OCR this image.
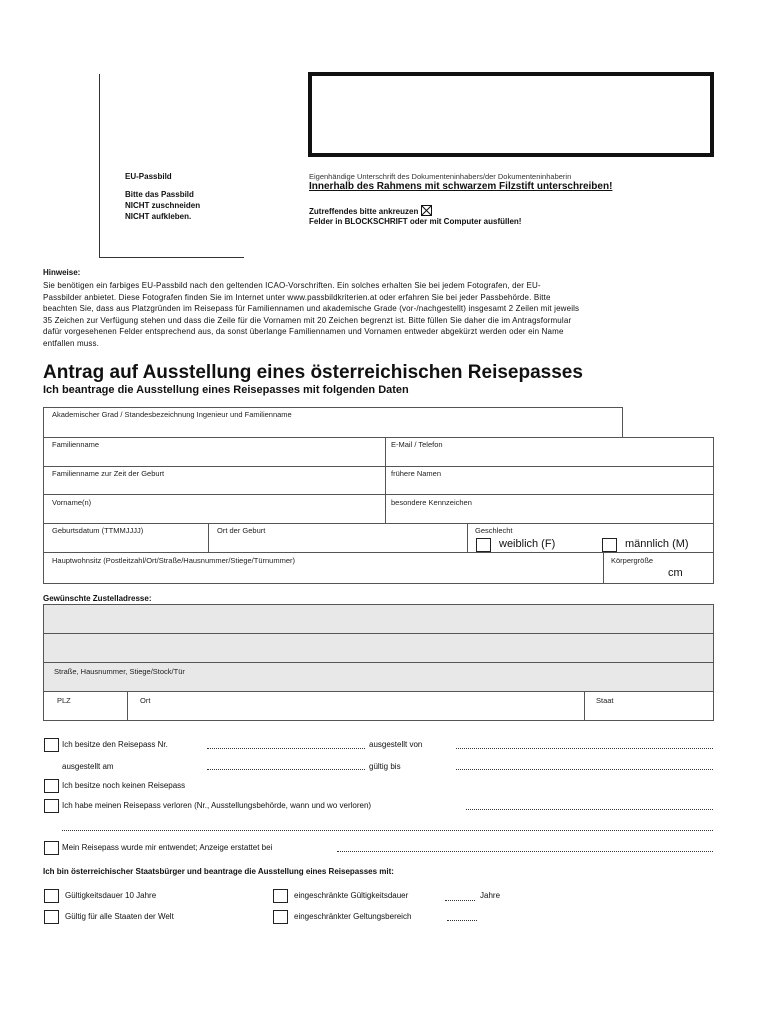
EU-Passbild
Bitte das Passbild
NICHT zuschneiden
NICHT aufkleben.
Eigenhändige Unterschrift des Dokumenteninhabers/der Dokumenteninhaberin
Innerhalb des Rahmens mit schwarzem Filzstift unterschreiben!
Zutreffendes bitte ankreuzen
Felder in BLOCKSCHRIFT oder mit Computer ausfüllen!
Hinweise:
Sie benötigen ein farbiges EU-Passbild nach den geltenden ICAO-Vorschriften. Ein solches erhalten Sie bei jedem Fotografen, der EU-
Passbilder anbietet. Diese Fotografen finden Sie im Internet unter www.passbildkriterien.at oder erfahren Sie bei jeder Passbehörde. Bitte
beachten Sie, dass aus Platzgründen im Reisepass für Familiennamen und akademische Grade (vor-/nachgestellt) insgesamt 2 Zeilen mit jeweils
35 Zeichen zur Verfügung stehen und dass die Zeile für die Vornamen mit 20 Zeichen begrenzt ist. Bitte füllen Sie daher die im Antragsformular
dafür vorgesehenen Felder entsprechend aus, da sonst überlange Familiennamen und Vornamen entweder abgekürzt werden oder ein Name
entfallen muss.
Antrag auf Ausstellung eines österreichischen Reisepasses
Ich beantrage die Ausstellung eines Reisepasses mit folgenden Daten
Akademischer Grad / Standesbezeichnung Ingenieur und Familienname
Familienname	E-Mail / Telefon
Familienname zur Zeit der Geburt	frühere Namen
Vorname(n)	besondere Kennzeichen
Geburtsdatum (TTMMJJJJ)	Ort der Geburt	Geschlecht
weiblich (F)	männlich (M)
Hauptwohnsitz (Postleitzahl/Ort/Straße/Hausnummer/Stiege/Türnummer)	Körpergröße
cm
Gewünschte Zustelladresse:
Straße, Hausnummer, Stiege/Stock/Tür
PLZ	Ort	Staat
Ich besitze den Reisepass Nr.	ausgestellt von
ausgestellt am	gültig bis
Ich besitze noch keinen Reisepass
Ich habe meinen Reisepass verloren (Nr., Ausstellungsbehörde, wann und wo verloren)
Mein Reisepass wurde mir entwendet; Anzeige erstattet bei
Ich bin österreichischer Staatsbürger und beantrage die Ausstellung eines Reisepasses mit:
Gültigkeitsdauer 10 Jahre	eingeschränkte Gültigkeitsdauer	Jahre
Gültig für alle Staaten der Welt	eingeschränkter Geltungsbereich
